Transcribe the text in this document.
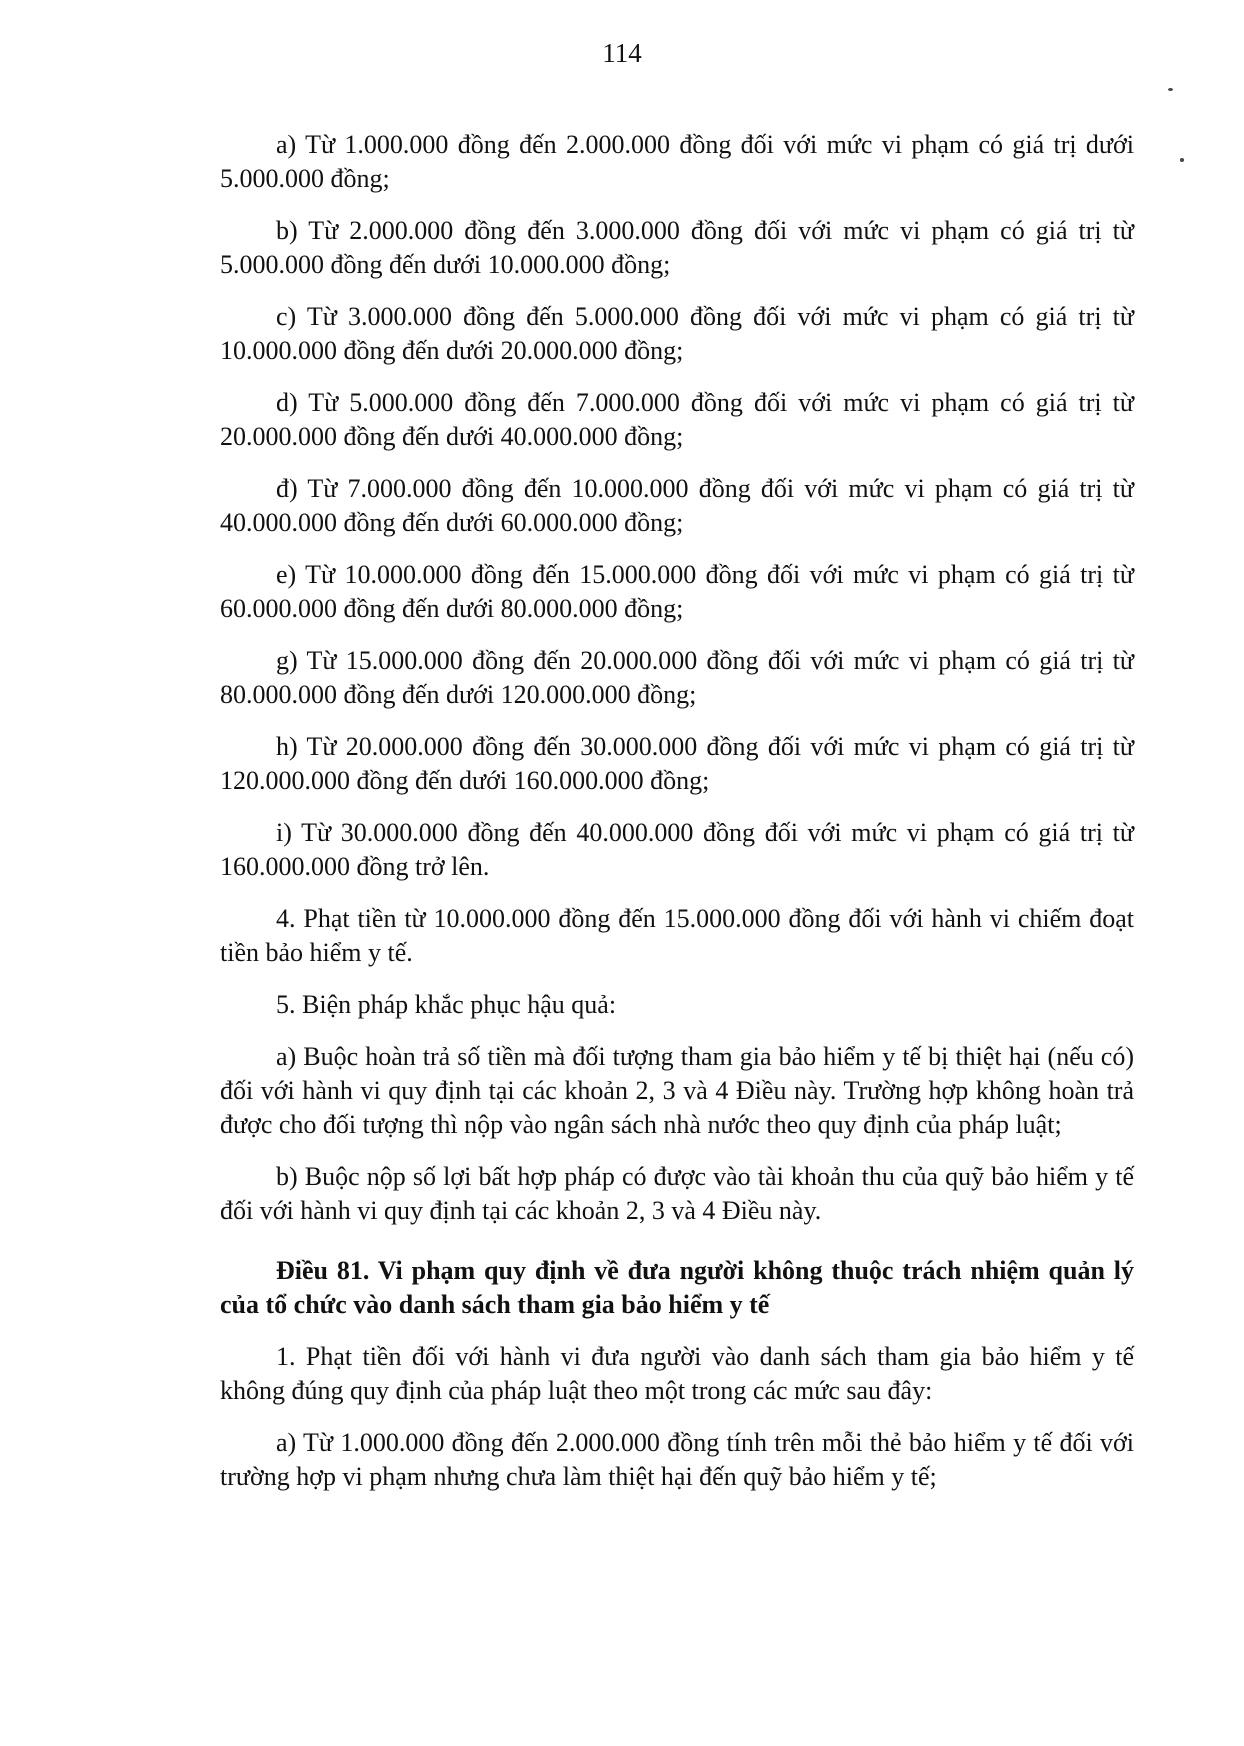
114

a) Từ 1.000.000 đồng đến 2.000.000 đồng đối với mức vi phạm có giá trị dưới 5.000.000 đồng;

b) Từ 2.000.000 đồng đến 3.000.000 đồng đối với mức vi phạm có giá trị từ 5.000.000 đồng đến dưới 10.000.000 đồng;

c) Từ 3.000.000 đồng đến 5.000.000 đồng đối với mức vi phạm có giá trị từ 10.000.000 đồng đến dưới 20.000.000 đồng;

d) Từ 5.000.000 đồng đến 7.000.000 đồng đối với mức vi phạm có giá trị từ 20.000.000 đồng đến dưới 40.000.000 đồng;

đ) Từ 7.000.000 đồng đến 10.000.000 đồng đối với mức vi phạm có giá trị từ 40.000.000 đồng đến dưới 60.000.000 đồng;

e) Từ 10.000.000 đồng đến 15.000.000 đồng đối với mức vi phạm có giá trị từ 60.000.000 đồng đến dưới 80.000.000 đồng;

g) Từ 15.000.000 đồng đến 20.000.000 đồng đối với mức vi phạm có giá trị từ 80.000.000 đồng đến dưới 120.000.000 đồng;

h) Từ 20.000.000 đồng đến 30.000.000 đồng đối với mức vi phạm có giá trị từ 120.000.000 đồng đến dưới 160.000.000 đồng;

i) Từ 30.000.000 đồng đến 40.000.000 đồng đối với mức vi phạm có giá trị từ 160.000.000 đồng trở lên.

4. Phạt tiền từ 10.000.000 đồng đến 15.000.000 đồng đối với hành vi chiếm đoạt tiền bảo hiểm y tế.

5. Biện pháp khắc phục hậu quả:

a) Buộc hoàn trả số tiền mà đối tượng tham gia bảo hiểm y tế bị thiệt hại (nếu có) đối với hành vi quy định tại các khoản 2, 3 và 4 Điều này. Trường hợp không hoàn trả được cho đối tượng thì nộp vào ngân sách nhà nước theo quy định của pháp luật;

b) Buộc nộp số lợi bất hợp pháp có được vào tài khoản thu của quỹ bảo hiểm y tế đối với hành vi quy định tại các khoản 2, 3 và 4 Điều này.

Điều 81. Vi phạm quy định về đưa người không thuộc trách nhiệm quản lý của tổ chức vào danh sách tham gia bảo hiểm y tế

1. Phạt tiền đối với hành vi đưa người vào danh sách tham gia bảo hiểm y tế không đúng quy định của pháp luật theo một trong các mức sau đây:

a) Từ 1.000.000 đồng đến 2.000.000 đồng tính trên mỗi thẻ bảo hiểm y tế đối với trường hợp vi phạm nhưng chưa làm thiệt hại đến quỹ bảo hiểm y tế;
